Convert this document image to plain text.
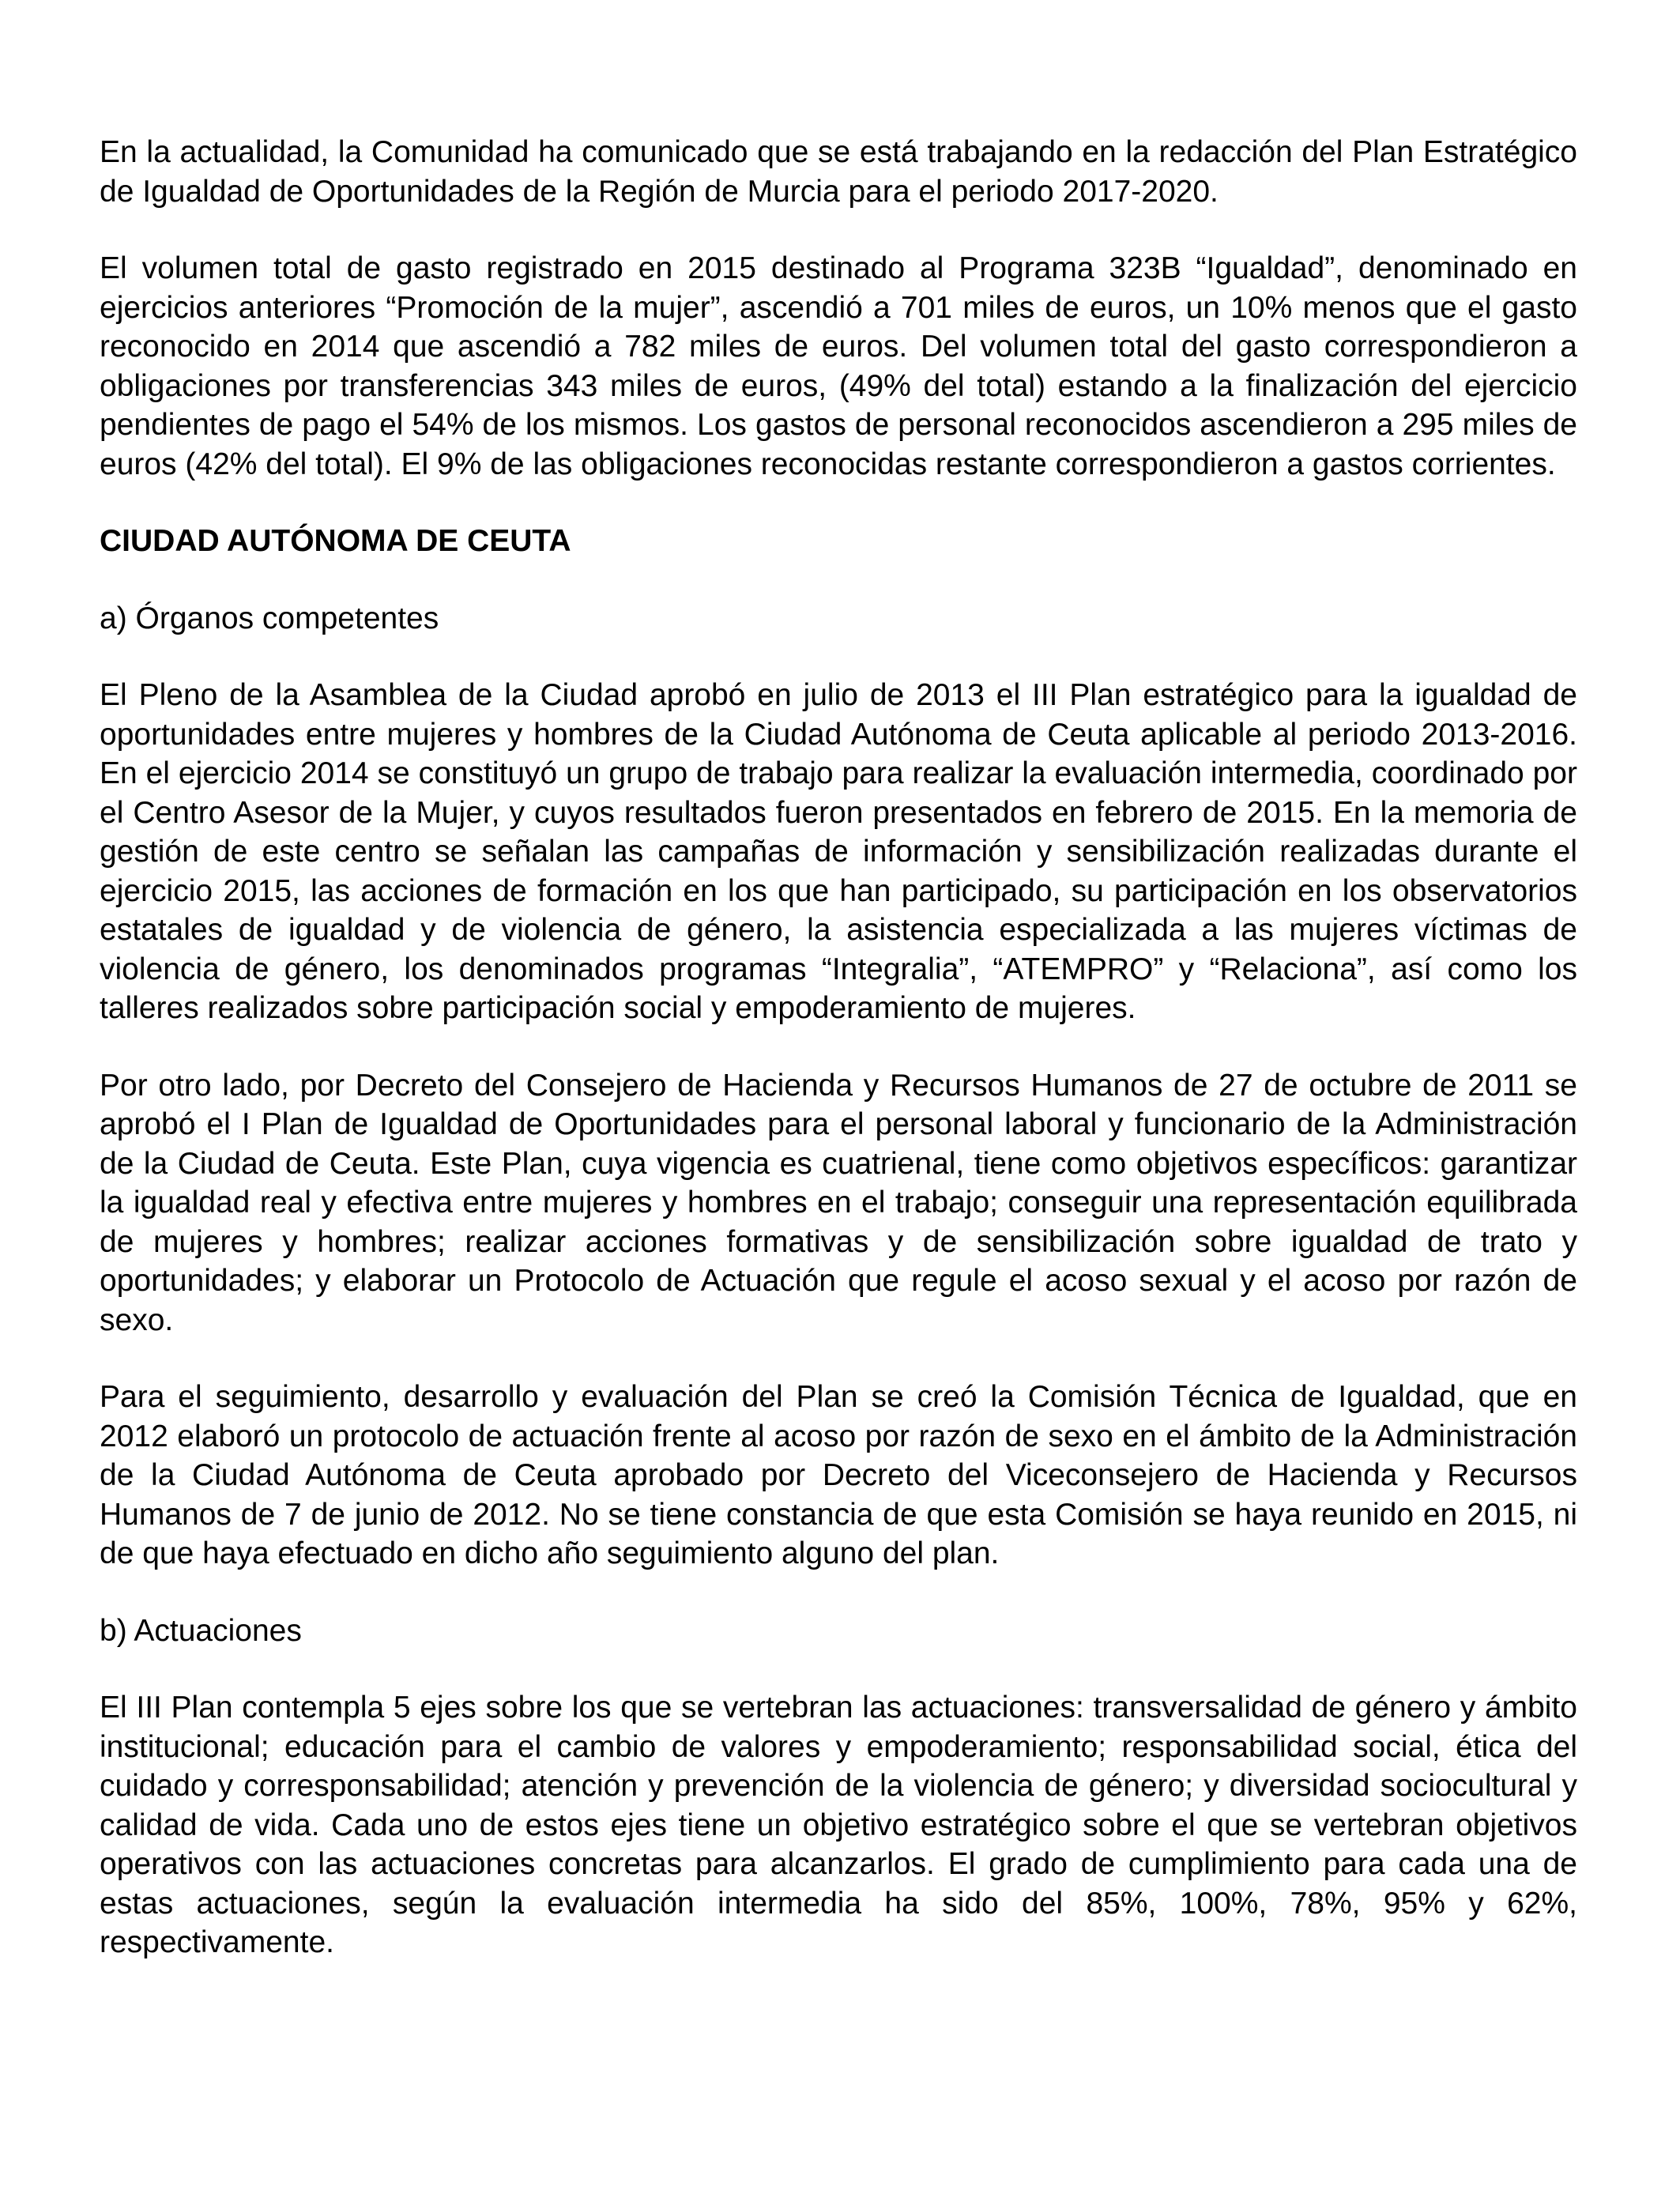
En la actualidad, la Comunidad ha comunicado que se está trabajando en la redacción del Plan Estratégico de Igualdad de Oportunidades de la Región de Murcia para el periodo 2017-2020.

El volumen total de gasto registrado en 2015 destinado al Programa 323B “Igualdad”, denominado en ejercicios anteriores “Promoción de la mujer”, ascendió a 701 miles de euros, un 10% menos que el gasto reconocido en 2014 que ascendió a 782 miles de euros. Del volumen total del gasto correspondieron a obligaciones por transferencias 343 miles de euros, (49% del total) estando a la finalización del ejercicio pendientes de pago el 54% de los mismos. Los gastos de personal reconocidos ascendieron a 295 miles de euros (42% del total). El 9% de las obligaciones reconocidas restante correspondieron a gastos corrientes.

CIUDAD AUTÓNOMA DE CEUTA

a) Órganos competentes

El Pleno de la Asamblea de la Ciudad aprobó en julio de 2013 el III Plan estratégico para la igualdad de oportunidades entre mujeres y hombres de la Ciudad Autónoma de Ceuta aplicable al periodo 2013-2016. En el ejercicio 2014 se constituyó un grupo de trabajo para realizar la evaluación intermedia, coordinado por el Centro Asesor de la Mujer, y cuyos resultados fueron presentados en febrero de 2015. En la memoria de gestión de este centro se señalan las campañas de información y sensibilización realizadas durante el ejercicio 2015, las acciones de formación en los que han participado, su participación en los observatorios estatales de igualdad y de violencia de género, la asistencia especializada a las mujeres víctimas de violencia de género, los denominados programas “Integralia”, “ATEMPRO” y “Relaciona”, así como los talleres realizados sobre participación social y empoderamiento de mujeres.

Por otro lado, por Decreto del Consejero de Hacienda y Recursos Humanos de 27 de octubre de 2011 se aprobó el I Plan de Igualdad de Oportunidades para el personal laboral y funcionario de la Administración de la Ciudad de Ceuta. Este Plan, cuya vigencia es cuatrienal, tiene como objetivos específicos: garantizar la igualdad real y efectiva entre mujeres y hombres en el trabajo; conseguir una representación equilibrada de mujeres y hombres; realizar acciones formativas y de sensibilización sobre igualdad de trato y oportunidades; y elaborar un Protocolo de Actuación que regule el acoso sexual y el acoso por razón de sexo.

Para el seguimiento, desarrollo y evaluación del Plan se creó la Comisión Técnica de Igualdad, que en 2012 elaboró un protocolo de actuación frente al acoso por razón de sexo en el ámbito de la Administración de la Ciudad Autónoma de Ceuta aprobado por Decreto del Viceconsejero de Hacienda y Recursos Humanos de 7 de junio de 2012. No se tiene constancia de que esta Comisión se haya reunido en 2015, ni de que haya efectuado en dicho año seguimiento alguno del plan.

b) Actuaciones

El III Plan contempla 5 ejes sobre los que se vertebran las actuaciones: transversalidad de género y ámbito institucional; educación para el cambio de valores y empoderamiento; responsabilidad social, ética del cuidado y corresponsabilidad; atención y prevención de la violencia de género; y diversidad sociocultural y calidad de vida. Cada uno de estos ejes tiene un objetivo estratégico sobre el que se vertebran objetivos operativos con las actuaciones concretas para alcanzarlos. El grado de cumplimiento para cada una de estas actuaciones, según la evaluación intermedia ha sido del 85%, 100%, 78%, 95% y 62%, respectivamente.
